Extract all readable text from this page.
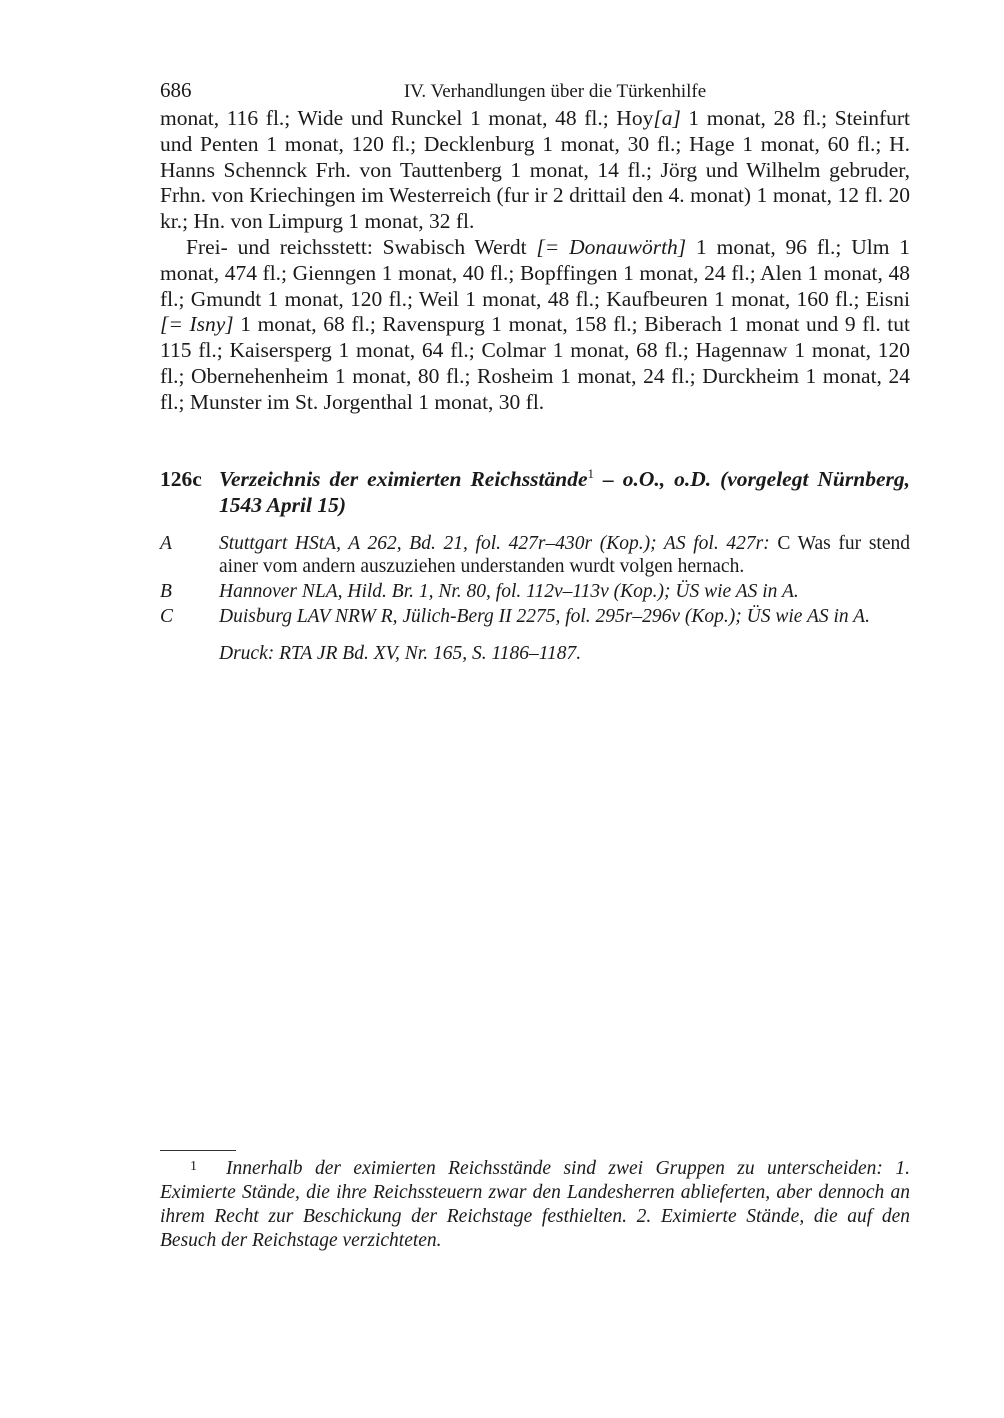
686	IV. Verhandlungen über die Türkenhilfe

monat, 116 fl.; Wide und Runckel 1 monat, 48 fl.; Hoy[a] 1 monat, 28 fl.; Steinfurt und Penten 1 monat, 120 fl.; Decklenburg 1 monat, 30 fl.; Hage 1 monat, 60 fl.; H. Hanns Schennck Frh. von Tauttenberg 1 monat, 14 fl.; Jörg und Wilhelm gebruder, Frhn. von Kriechingen im Westerreich (fur ir 2 drittail den 4. monat) 1 monat, 12 fl. 20 kr.; Hn. von Limpurg 1 monat, 32 fl.

Frei- und reichsstett: Swabisch Werdt [= Donauwörth] 1 monat, 96 fl.; Ulm 1 monat, 474 fl.; Gienngen 1 monat, 40 fl.; Bopffingen 1 monat, 24 fl.; Alen 1 monat, 48 fl.; Gmundt 1 monat, 120 fl.; Weil 1 monat, 48 fl.; Kaufbeuren 1 monat, 160 fl.; Eisni [= Isny] 1 monat, 68 fl.; Ravenspurg 1 monat, 158 fl.; Biberach 1 monat und 9 fl. tut 115 fl.; Kaisersperg 1 monat, 64 fl.; Colmar 1 monat, 68 fl.; Hagennaw 1 monat, 120 fl.; Obernehenheim 1 monat, 80 fl.; Rosheim 1 monat, 24 fl.; Durckheim 1 monat, 24 fl.; Munster im St. Jorgenthal 1 monat, 30 fl.

126c Verzeichnis der eximierten Reichsstände$^1$ – o.O., o.D. (vorgelegt Nürnberg, 1543 April 15)
A Stuttgart HStA, A 262, Bd. 21, fol. 427r–430r (Kop.); AS fol. 427r: C Was fur stend ainer vom andern auszuziehen understanden wurdt volgen hernach.
B Hannover NLA, Hild. Br. 1, Nr. 80, fol. 112v–113v (Kop.); ÜS wie AS in A.
C Duisburg LAV NRW R, Jülich-Berg II 2275, fol. 295r–296v (Kop.); ÜS wie AS in A.
Druck: RTA JR Bd. XV, Nr. 165, S. 1186–1187.

1 Innerhalb der eximierten Reichsstände sind zwei Gruppen zu unterscheiden: 1. Eximierte Stände, die ihre Reichssteuern zwar den Landesherren ablieferten, aber dennoch an ihrem Recht zur Beschickung der Reichstage festhielten. 2. Eximierte Stände, die auf den Besuch der Reichstage verzichteten.
